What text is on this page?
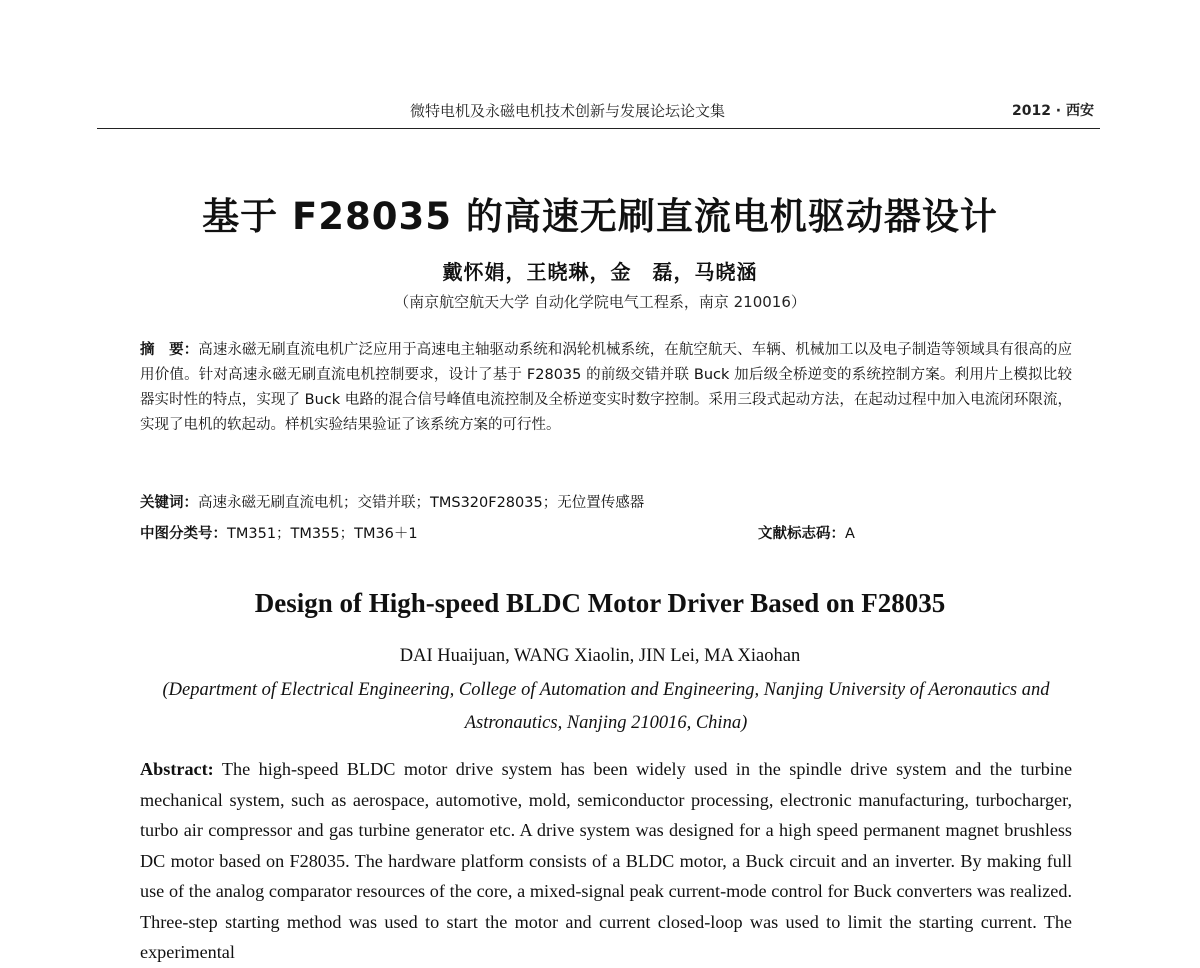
微特电机及永磁电机技术创新与发展论坛论文集	2012 · 西安
基于 F28035 的高速无刷直流电机驱动器设计
戴怀娟，王晓琳，金　磊，马晓涵
（南京航空航天大学 自动化学院电气工程系，南京 210016）
摘　要：高速永磁无刷直流电机广泛应用于高速电主轴驱动系统和涡轮机械系统，在航空航天、车辆、机械加工以及电子制造等领域具有很高的应用价值。针对高速永磁无刷直流电机控制要求，设计了基于 F28035 的前级交错并联 Buck 加后级全桥逆变的系统控制方案。利用片上模拟比较器实时性的特点，实现了 Buck 电路的混合信号峰值电流控制及全桥逆变实时数字控制。采用三段式起动方法，在起动过程中加入电流闭环限流，实现了电机的软起动。样机实验结果验证了该系统方案的可行性。
关键词：高速永磁无刷直流电机；交错并联；TMS320F28035；无位置传感器
中图分类号：TM351；TM355；TM36＋1	文献标志码：A
Design of High-speed BLDC Motor Driver Based on F28035
DAI Huaijuan, WANG Xiaolin, JIN Lei, MA Xiaohan
(Department of Electrical Engineering, College of Automation and Engineering, Nanjing University of Aeronautics and Astronautics, Nanjing 210016, China)
Abstract: The high-speed BLDC motor drive system has been widely used in the spindle drive system and the turbine mechanical system, such as aerospace, automotive, mold, semiconductor processing, electronic manufacturing, turbocharger, turbo air compressor and gas turbine generator etc. A drive system was designed for a high speed permanent magnet brushless DC motor based on F28035. The hardware platform consists of a BLDC motor, a Buck circuit and an inverter. By making full use of the analog comparator resources of the core, a mixed-signal peak current-mode control for Buck converters was realized. Three-step starting method was used to start the motor and current closed-loop was used to limit the starting current. The experimental
